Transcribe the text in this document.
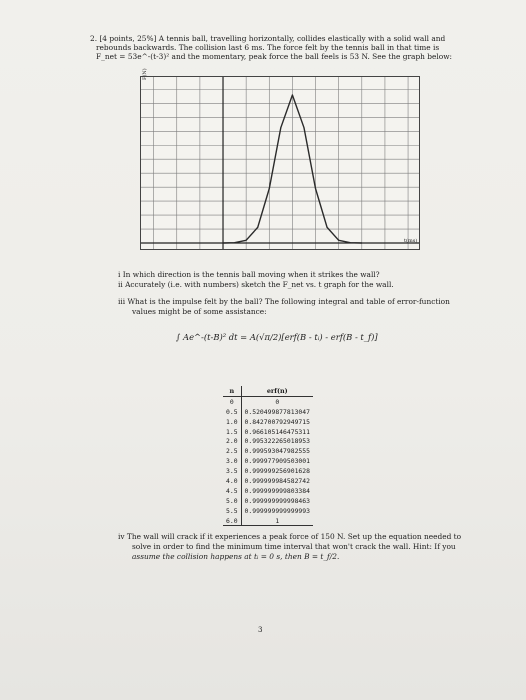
2. [4 points, 25%] A tennis ball, travelling horizontally, collides elastically with a solid wall and
rebounds backwards. The collision last 6 ms. The force felt by the tennis ball in that time is
F_net = 53e^-(t-3)² and the momentary, peak force the ball feels is 53 N. See the graph below:
F(N)
t(ms)
i In which direction is the tennis ball moving when it strikes the wall?
ii Accurately (i.e. with numbers) sketch the F_net vs. t graph for the wall.
iii What is the impulse felt by the ball? The following integral and table of error-function
values might be of some assistance:
∫ Ae^-(t-B)² dt = A(√π/2)[erf(B - tᵢ) - erf(B - t_f)]
n	erf(n)
0	0
0.5	0.520499877813047
1.0	0.842700792949715
1.5	0.966105146475311
2.0	0.995322265018953
2.5	0.999593047982555
3.0	0.999977909503001
3.5	0.999999256901628
4.0	0.999999984582742
4.5	0.999999999803384
5.0	0.999999999998463
5.5	0.999999999999993
6.0	1
iv The wall will crack if it experiences a peak force of 150 N. Set up the equation needed to
solve in order to find the minimum time interval that won't crack the wall. Hint: If you
assume the collision happens at tᵢ = 0 s, then B = t_f/2.
3
